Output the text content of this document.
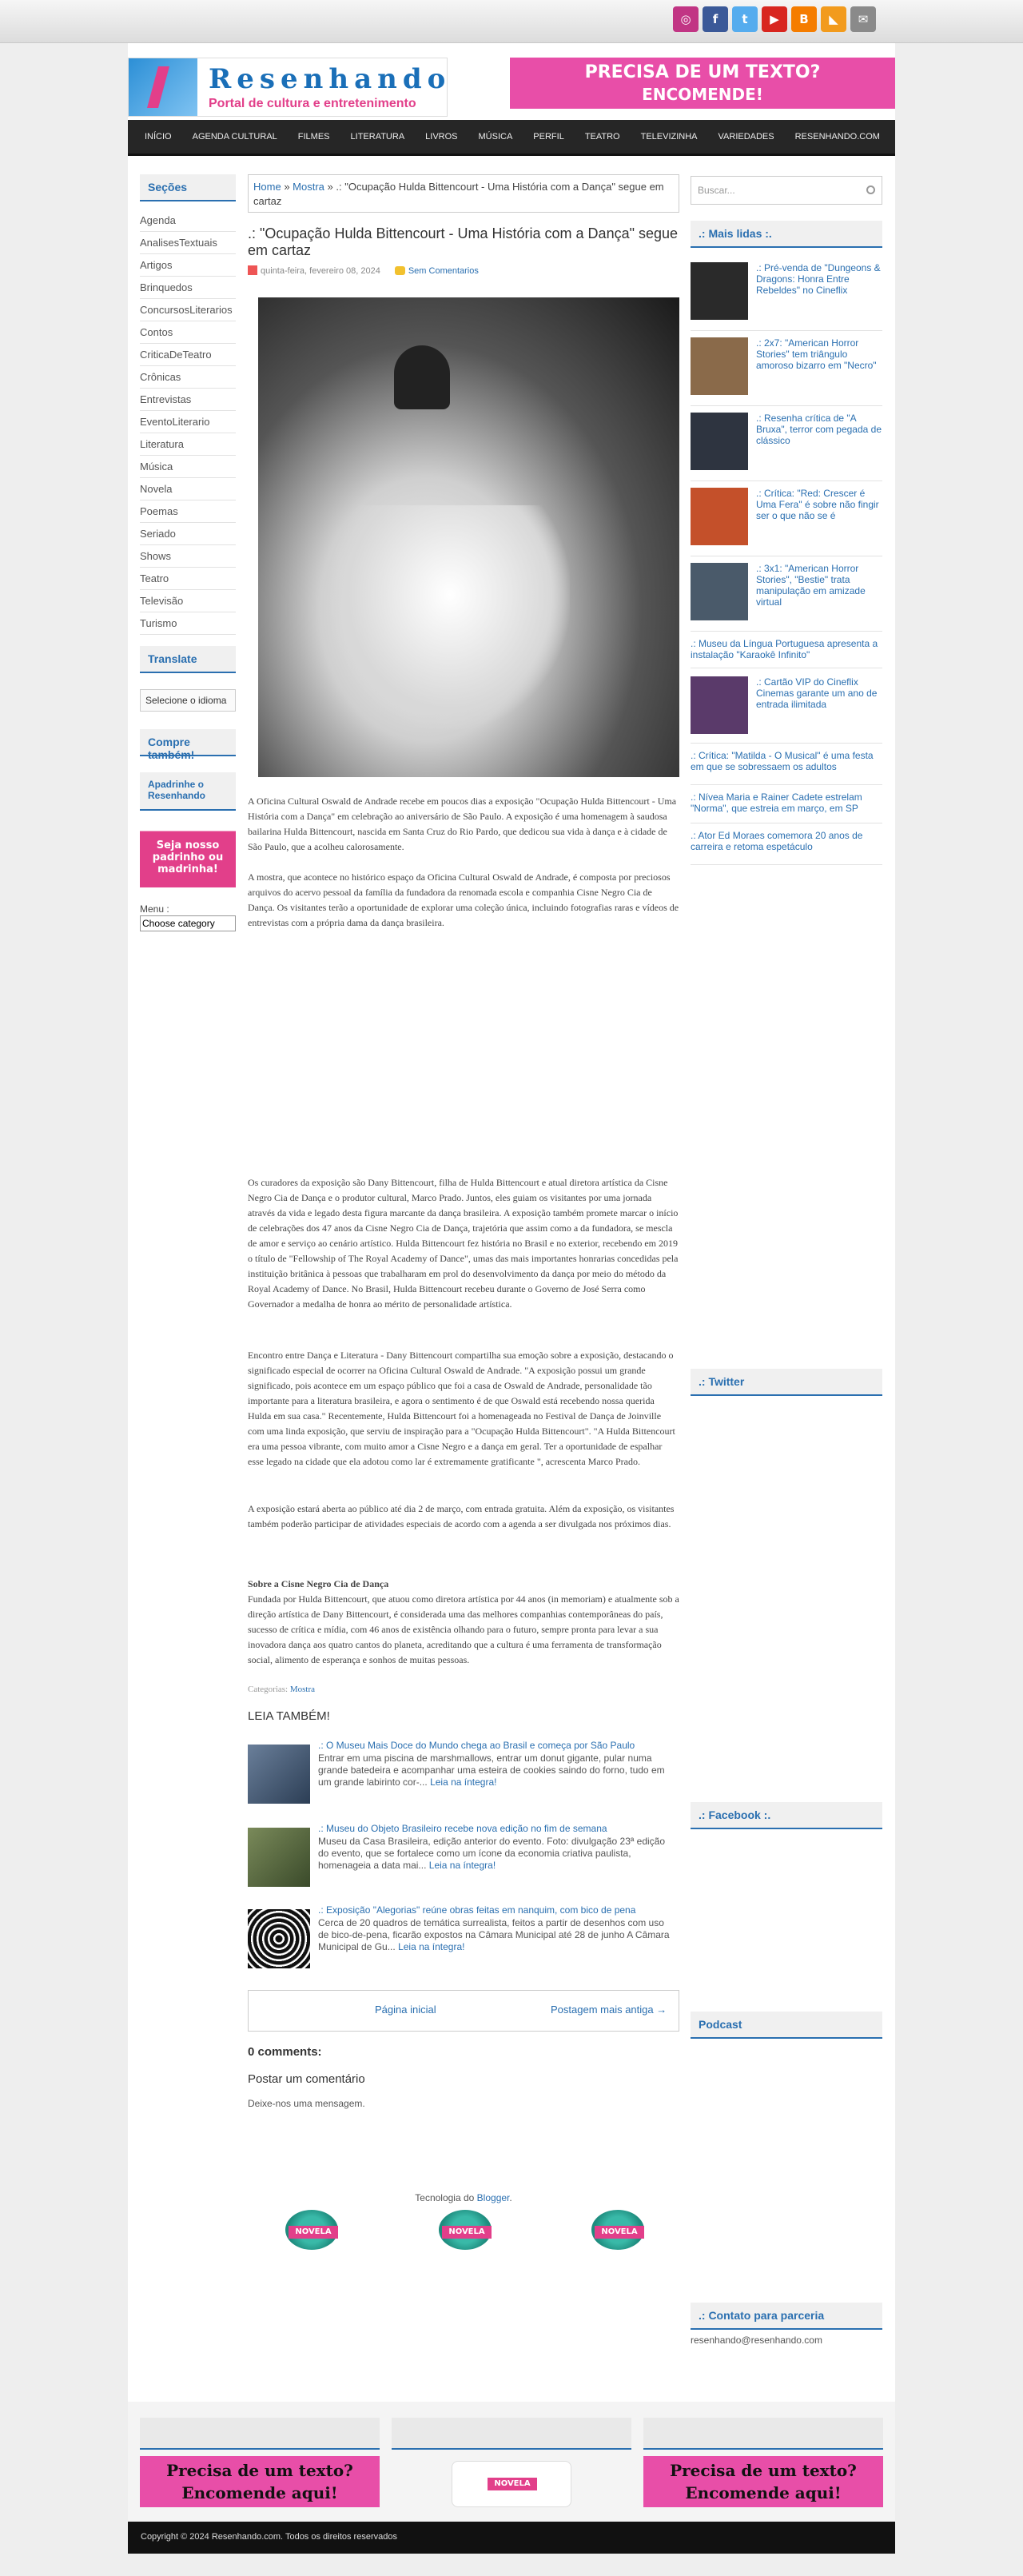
◎	f	t	▶	B	◣	✉
Resenhando
Portal de cultura e entretenimento
PRECISA DE UM TEXTO?
ENCOMENDE!
INÍCIO	AGENDA CULTURAL	FILMES	LITERATURA	LIVROS	MÚSICA	PERFIL	TEATRO	TELEVIZINHA	VARIEDADES	RESENHANDO.COM
Seções
Agenda
AnalisesTextuais
Artigos
Brinquedos
ConcursosLiterarios
Contos
CriticaDeTeatro
Crônicas
Entrevistas
EventoLiterario
Literatura
Música
Novela
Poemas
Seriado
Shows
Teatro
Televisão
Turismo
Translate
Selecione o idioma
Compre também!
Apadrinhe o Resenhando
Seja nosso padrinho ou madrinha!
Menu :
Choose category
Home » Mostra » .: "Ocupação Hulda Bittencourt - Uma História com a Dança" segue em cartaz
.: "Ocupação Hulda Bittencourt - Uma História com a Dança" segue em cartaz
quinta-feira, fevereiro 08, 2024	Sem Comentarios
A Oficina Cultural Oswald de Andrade recebe em poucos dias a exposição "Ocupação Hulda Bittencourt - Uma História com a Dança" em celebração ao aniversário de São Paulo. A exposição é uma homenagem à saudosa bailarina Hulda Bittencourt, nascida em Santa Cruz do Rio Pardo, que dedicou sua vida à dança e à cidade de São Paulo, que a acolheu calorosamente.
A mostra, que acontece no histórico espaço da Oficina Cultural Oswald de Andrade, é composta por preciosos arquivos do acervo pessoal da família da fundadora da renomada escola e companhia Cisne Negro Cia de Dança. Os visitantes terão a oportunidade de explorar uma coleção única, incluindo fotografias raras e vídeos de entrevistas com a própria dama da dança brasileira.
Os curadores da exposição são Dany Bittencourt, filha de Hulda Bittencourt e atual diretora artística da Cisne Negro Cia de Dança e o produtor cultural, Marco Prado. Juntos, eles guiam os visitantes por uma jornada através da vida e legado desta figura marcante da dança brasileira. A exposição também promete marcar o início de celebrações dos 47 anos da Cisne Negro Cia de Dança, trajetória que assim como a da fundadora, se mescla de amor e serviço ao cenário artístico. Hulda Bittencourt fez história no Brasil e no exterior, recebendo em 2019 o título de "Fellowship of The Royal Academy of Dance", umas das mais importantes honrarias concedidas pela instituição britânica à pessoas que trabalharam em prol do desenvolvimento da dança por meio do método da Royal Academy of Dance. No Brasil, Hulda Bittencourt recebeu durante o Governo de José Serra como Governador a medalha de honra ao mérito de personalidade artística.
Encontro entre Dança e Literatura - Dany Bittencourt compartilha sua emoção sobre a exposição, destacando o significado especial de ocorrer na Oficina Cultural Oswald de Andrade. "A exposição possui um grande significado, pois acontece em um espaço público que foi a casa de Oswald de Andrade, personalidade tão importante para a literatura brasileira, e agora o sentimento é de que Oswald está recebendo nossa querida Hulda em sua casa." Recentemente, Hulda Bittencourt foi a homenageada no Festival de Dança de Joinville com uma linda exposição, que serviu de inspiração para a "Ocupação Hulda Bittencourt". "A Hulda Bittencourt era uma pessoa vibrante, com muito amor a Cisne Negro e a dança em geral. Ter a oportunidade de espalhar esse legado na cidade que ela adotou como lar é extremamente gratificante ", acrescenta Marco Prado.
A exposição estará aberta ao público até dia 2 de março, com entrada gratuita. Além da exposição, os visitantes também poderão participar de atividades especiais de acordo com a agenda a ser divulgada nos próximos dias.
Sobre a Cisne Negro Cia de Dança
Fundada por Hulda Bittencourt, que atuou como diretora artística por 44 anos (in memoriam) e atualmente sob a direção artística de Dany Bittencourt, é considerada uma das melhores companhias contemporâneas do país, sucesso de crítica e mídia, com 46 anos de existência olhando para o futuro, sempre pronta para levar a sua inovadora dança aos quatro cantos do planeta, acreditando que a cultura é uma ferramenta de transformação social, alimento de esperança e sonhos de muitas pessoas.
Categorias: Mostra
LEIA TAMBÉM!
.: O Museu Mais Doce do Mundo chega ao Brasil e começa por São Paulo
Entrar em uma piscina de marshmallows, entrar um donut gigante, pular numa grande batedeira e acompanhar uma esteira de cookies saindo do forno, tudo em um grande labirinto cor-... Leia na íntegra!
.: Museu do Objeto Brasileiro recebe nova edição no fim de semana
Museu da Casa Brasileira, edição anterior do evento. Foto: divulgação 23ª edição do evento, que se fortalece como um ícone da economia criativa paulista, homenageia a data mai... Leia na íntegra!
.: Exposição "Alegorias" reúne obras feitas em nanquim, com bico de pena
Cerca de 20 quadros de temática surrealista, feitos a partir de desenhos com uso de bico-de-pena, ficarão expostos na Câmara Municipal até 28 de junho A Câmara Municipal de Gu... Leia na íntegra!
Página inicial	Postagem mais antiga →
0 comments:
Postar um comentário
Deixe-nos uma mensagem.
Tecnologia do Blogger.
NOVELA	NOVELA	NOVELA
Buscar...
.: Mais lidas :.
.: Pré-venda de "Dungeons & Dragons: Honra Entre Rebeldes" no Cineflix
.: 2x7: "American Horror Stories" tem triângulo amoroso bizarro em "Necro"
.: Resenha crítica de "A Bruxa", terror com pegada de clássico
.: Crítica: "Red: Crescer é Uma Fera" é sobre não fingir ser o que não se é
.: 3x1: "American Horror Stories", "Bestie" trata manipulação em amizade virtual
.: Museu da Língua Portuguesa apresenta a instalação "Karaokê Infinito"
.: Cartão VIP do Cineflix Cinemas garante um ano de entrada ilimitada
.: Crítica: "Matilda - O Musical" é uma festa em que se sobressaem os adultos
.: Nívea Maria e Rainer Cadete estrelam "Norma", que estreia em março, em SP
.: Ator Ed Moraes comemora 20 anos de carreira e retoma espetáculo
.: Twitter
.: Facebook :.
Podcast
.: Contato para parceria
resenhando@resenhando.com
Precisa de um texto?
Encomende aqui!	NOVELA
Precisa de um texto?
Encomende aqui!
Copyright © 2024 Resenhando.com. Todos os direitos reservados
